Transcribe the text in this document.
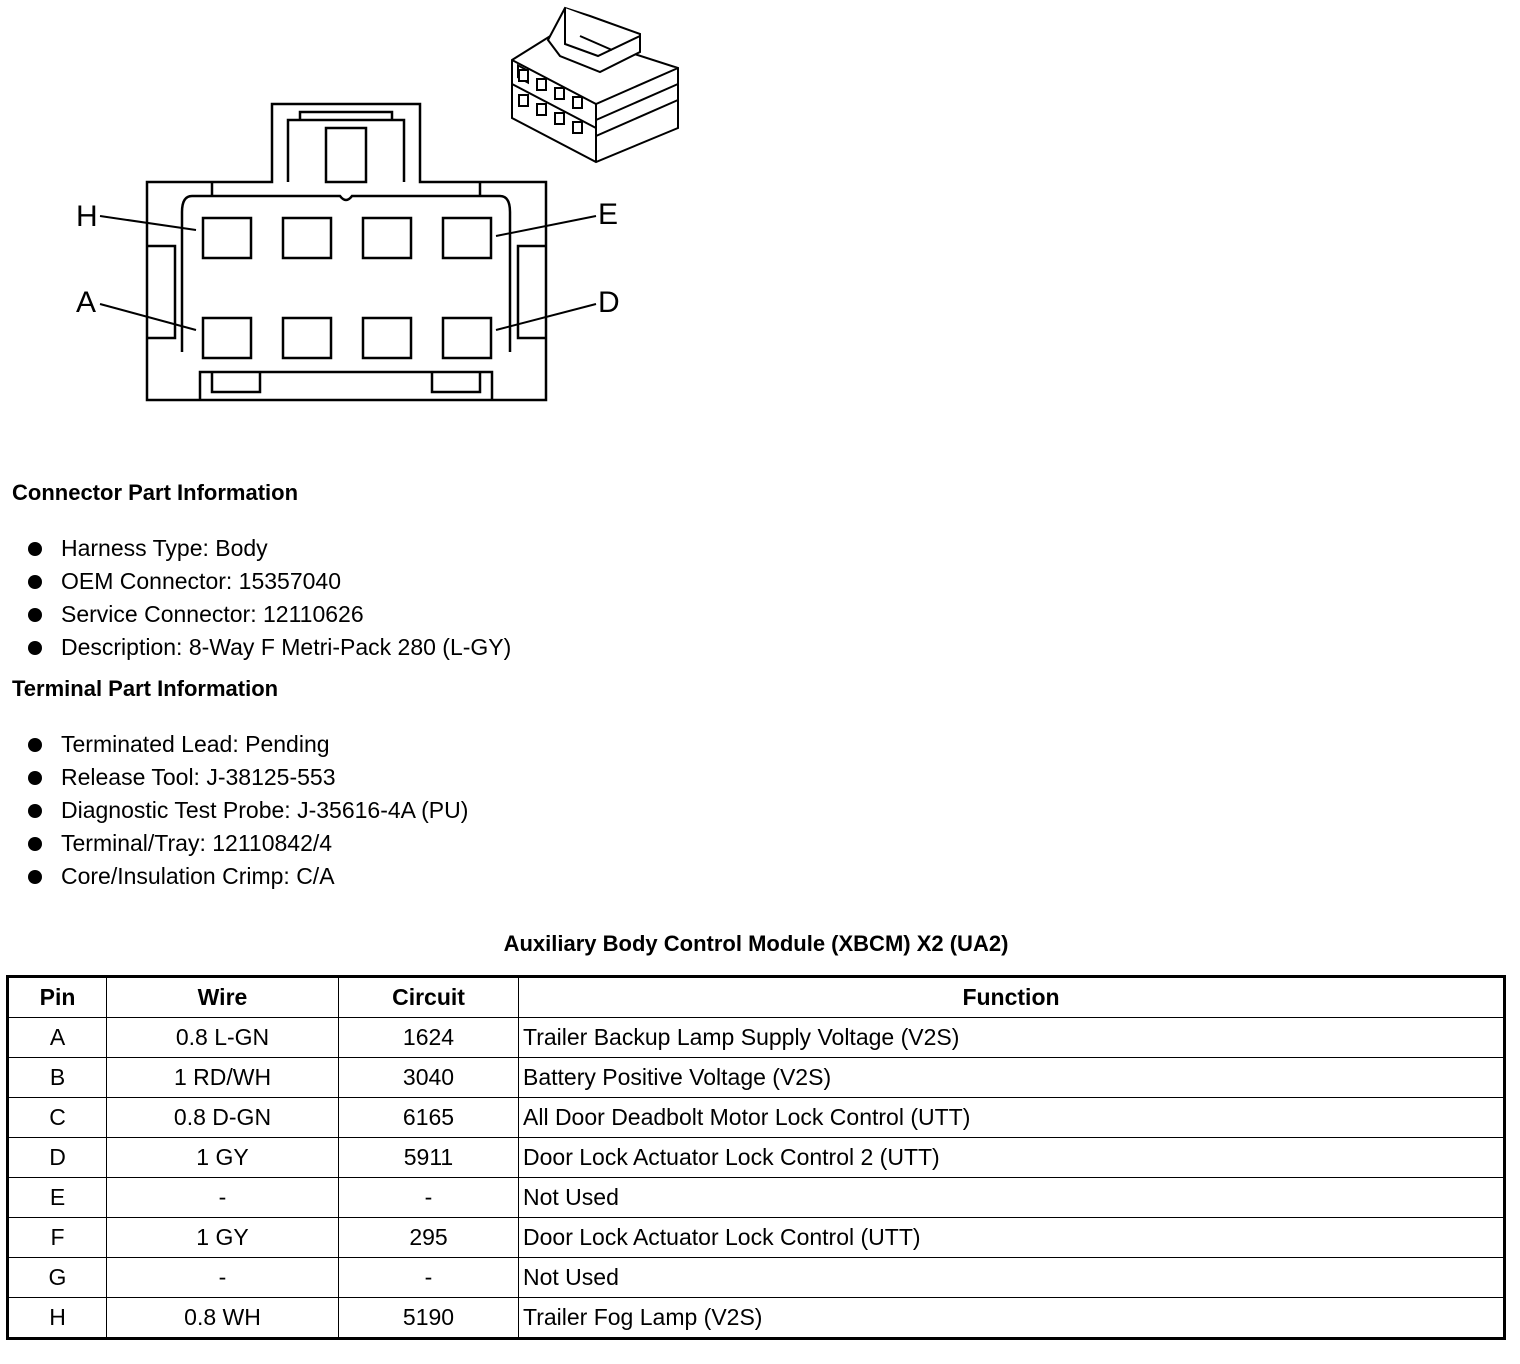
H	E
A	D
Connector Part Information
Harness Type: Body
OEM Connector: 15357040
Service Connector: 12110626
Description: 8-Way F Metri-Pack 280 (L-GY)
Terminal Part Information
Terminated Lead: Pending
Release Tool: J-38125-553
Diagnostic Test Probe: J-35616-4A (PU)
Terminal/Tray: 12110842/4
Core/Insulation Crimp: C/A
Auxiliary Body Control Module (XBCM) X2 (UA2)
Pin	Wire	Circuit	Function
A	0.8 L-GN	1624	Trailer Backup Lamp Supply Voltage (V2S)
B	1 RD/WH	3040	Battery Positive Voltage (V2S)
C	0.8 D-GN	6165	All Door Deadbolt Motor Lock Control (UTT)
D	1 GY	5911	Door Lock Actuator Lock Control 2 (UTT)
E	-	-	Not Used
F	1 GY	295	Door Lock Actuator Lock Control (UTT)
G	-	-	Not Used
H	0.8 WH	5190	Trailer Fog Lamp (V2S)
